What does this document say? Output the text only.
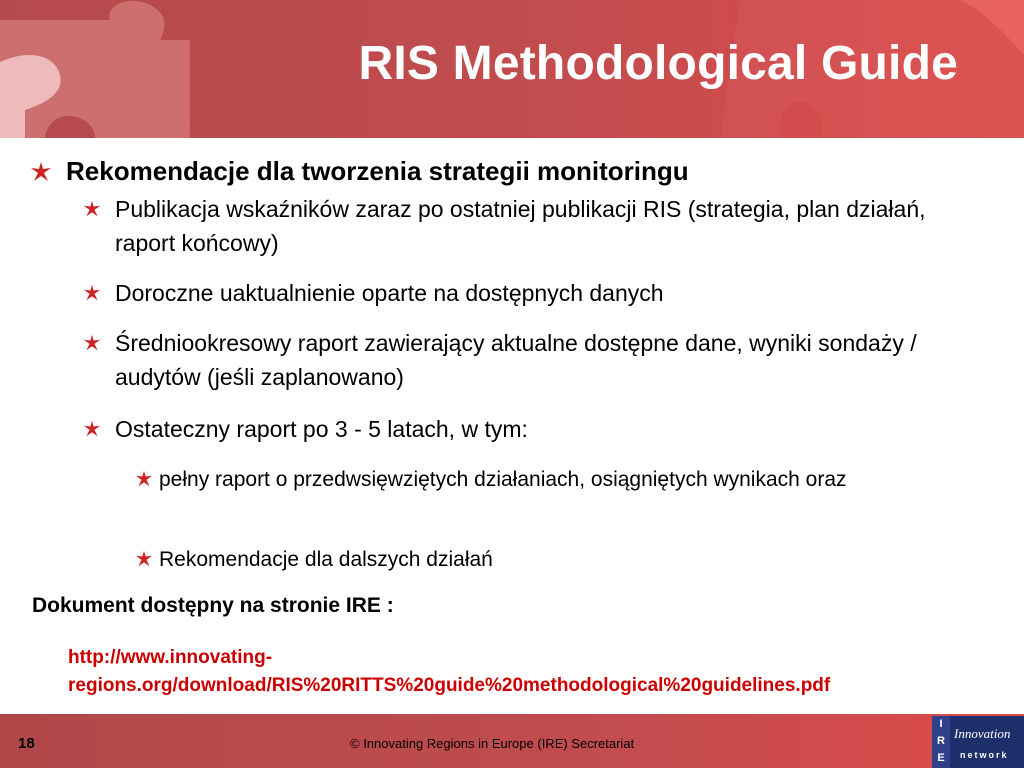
RIS Methodological Guide
Rekomendacje dla tworzenia strategii monitoringu
Publikacja wskaźników zaraz po ostatniej publikacji RIS (strategia, plan działań, raport końcowy)
Doroczne uaktualnienie oparte na dostępnych danych
Średniookresowy raport zawierający aktualne dostępne dane, wyniki sondaży / audytów (jeśli zaplanowano)
Ostateczny raport po 3 - 5 latach, w tym:
pełny raport o przedwsięwziętych działaniach, osiągniętych wynikach oraz
Rekomendacje dla dalszych działań
Dokument dostępny na stronie IRE :
http://www.innovating-regions.org/download/RIS%20RITTS%20guide%20methodological%20guidelines.pdf
18	© Innovating Regions in Europe (IRE) Secretariat
I
R
E
Innovation
network
